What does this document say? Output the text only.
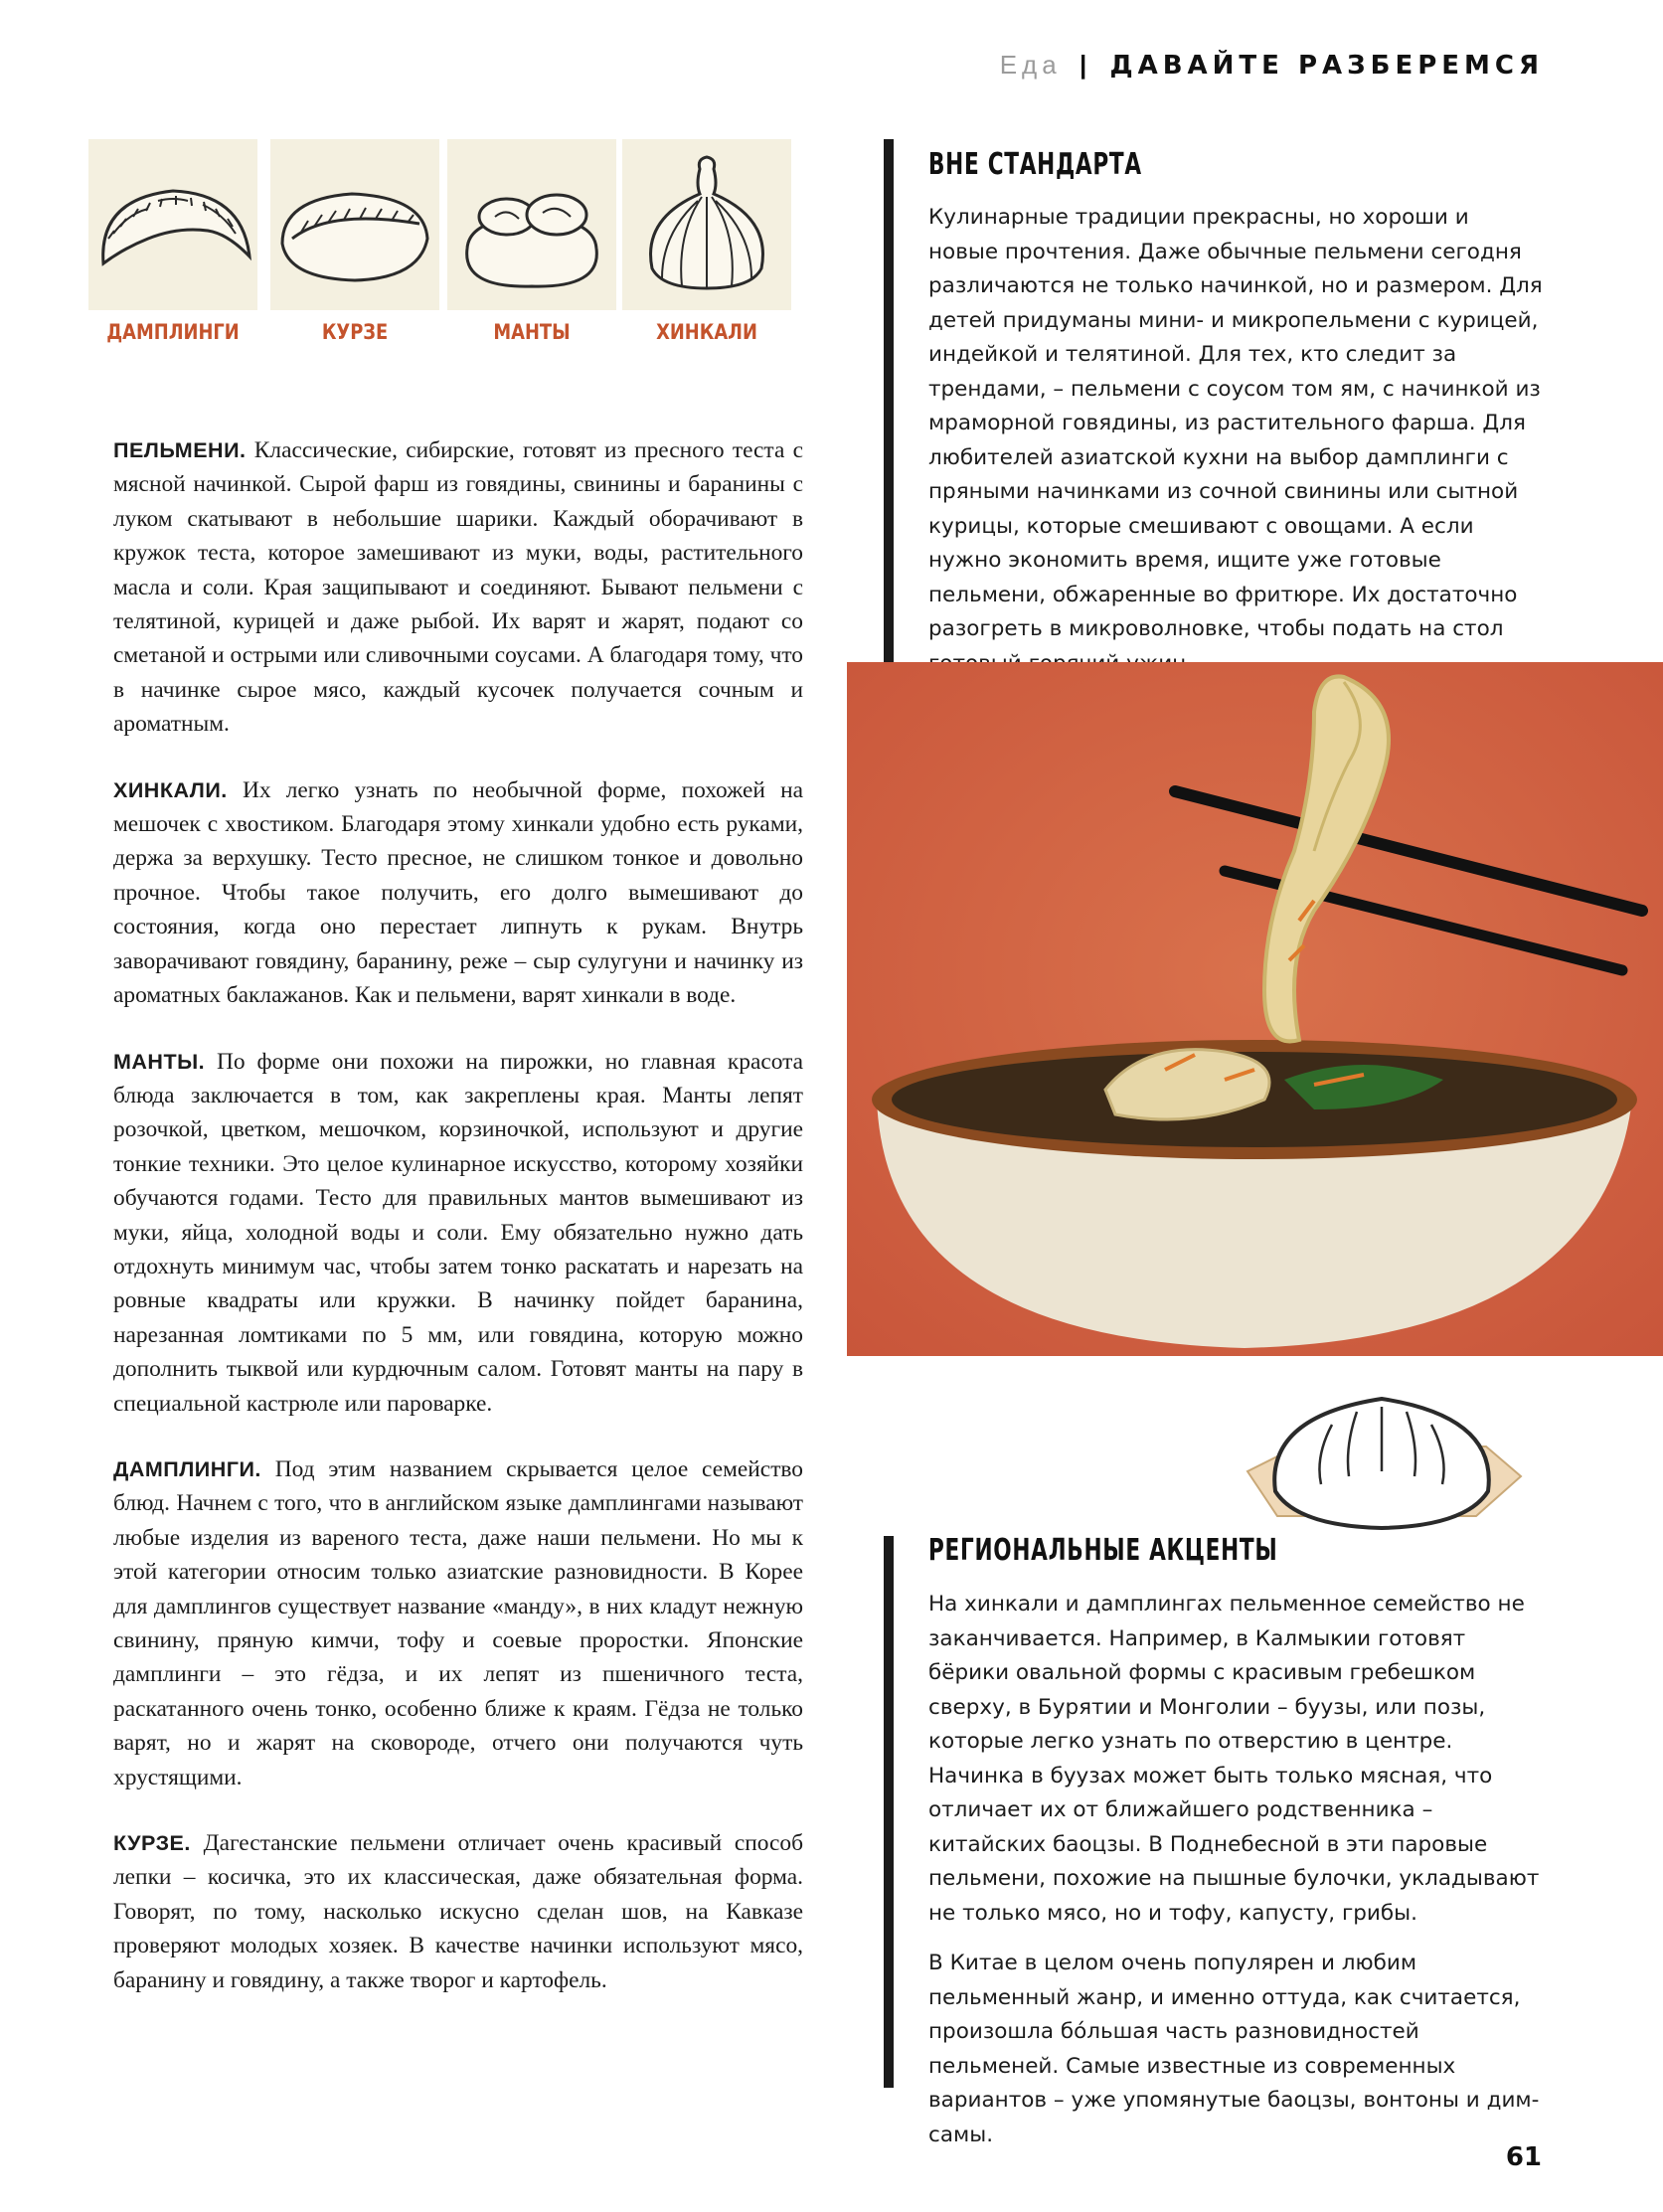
Еда | ДАВАЙТЕ РАЗБЕРЕМСЯ
ДАМПЛИНГИ	КУРЗЕ	МАНТЫ	ХИНКАЛИ

ПЕЛЬМЕНИ. Классические, сибирские, готовят из пресного теста с мясной начинкой. Сырой фарш из говядины, свинины и баранины с луком скатывают в небольшие шарики. Каждый оборачивают в кружок теста, которое замешивают из муки, воды, растительного масла и соли. Края защипывают и соединяют. Бывают пельмени с телятиной, курицей и даже рыбой. Их варят и жарят, подают со сметаной и острыми или сливочными соусами. А благодаря тому, что в начинке сырое мясо, каждый кусочек получается сочным и ароматным.

ХИНКАЛИ. Их легко узнать по необычной форме, похожей на мешочек с хвостиком. Благодаря этому хинкали удобно есть руками, держа за верхушку. Тесто пресное, не слишком тонкое и довольно прочное. Чтобы такое получить, его долго вымешивают до состояния, когда оно перестает липнуть к рукам. Внутрь заворачивают говядину, баранину, реже – сыр сулугуни и начинку из ароматных баклажанов. Как и пельмени, варят хинкали в воде.

МАНТЫ. По форме они похожи на пирожки, но главная красота блюда заключается в том, как закреплены края. Манты лепят розочкой, цветком, мешочком, корзиночкой, используют и другие тонкие техники. Это целое кулинарное искусство, которому хозяйки обучаются годами. Тесто для правильных мантов вымешивают из муки, яйца, холодной воды и соли. Ему обязательно нужно дать отдохнуть минимум час, чтобы затем тонко раскатать и нарезать на ровные квадраты или кружки. В начинку пойдет баранина, нарезанная ломтиками по 5 мм, или говядина, которую можно дополнить тыквой или курдючным салом. Готовят манты на пару в специальной кастрюле или пароварке.

ДАМПЛИНГИ. Под этим названием скрывается целое семейство блюд. Начнем с того, что в английском языке дамплингами называют любые изделия из вареного теста, даже наши пельмени. Но мы к этой категории относим только азиатские разновидности. В Корее для дамплингов существует название «манду», в них кладут нежную свинину, пряную кимчи, тофу и соевые проростки. Японские дамплинги – это гёдза, и их лепят из пшеничного теста, раскатанного очень тонко, особенно ближе к краям. Гёдза не только варят, но и жарят на сковороде, отчего они получаются чуть хрустящими.

КУРЗЕ. Дагестанские пельмени отличает очень красивый способ лепки – косичка, это их классическая, даже обязательная форма. Говорят, по тому, насколько искусно сделан шов, на Кавказе проверяют молодых хозяек. В качестве начинки используют мясо, баранину и говядину, а также творог и картофель.

ВНЕ СТАНДАРТА

Кулинарные традиции прекрасны, но хороши и новые прочтения. Даже обычные пельмени сегодня различаются не только начинкой, но и размером. Для детей придуманы мини- и микропельмени с курицей, индейкой и телятиной. Для тех, кто следит за трендами, – пельмени с соусом том ям, с начинкой из мраморной говядины, из растительного фарша. Для любителей азиатской кухни на выбор дамплинги с пряными начинками из сочной свинины или сытной курицы, которые смешивают с овощами. А если нужно экономить время, ищите уже готовые пельмени, обжаренные во фритюре. Их достаточно разогреть в микроволновке, чтобы подать на стол

РЕГИОНАЛЬНЫЕ АКЦЕНТЫ

На хинкали и дамплингах пельменное семейство не заканчивается. Например, в Калмыкии готовят бёрики овальной формы с красивым гребешком сверху, в Бурятии и Монголии – буузы, или позы, которые легко узнать по отверстию в центре. Начинка в буузах может быть только мясная, что отличает их от ближайшего родственника – китайских баоцзы. В Поднебесной в эти паровые пельмени, похожие на пышные булочки, укладывают не только мясо, но и тофу, капусту, грибы.

В Китае в целом очень популярен и любим пельменный жанр, и именно оттуда, как считается, произошла бóльшая часть разновидностей пельменей. Самые известные из современных вариантов – уже упомянутые баоцзы, вонтоны и дим-самы.

61
